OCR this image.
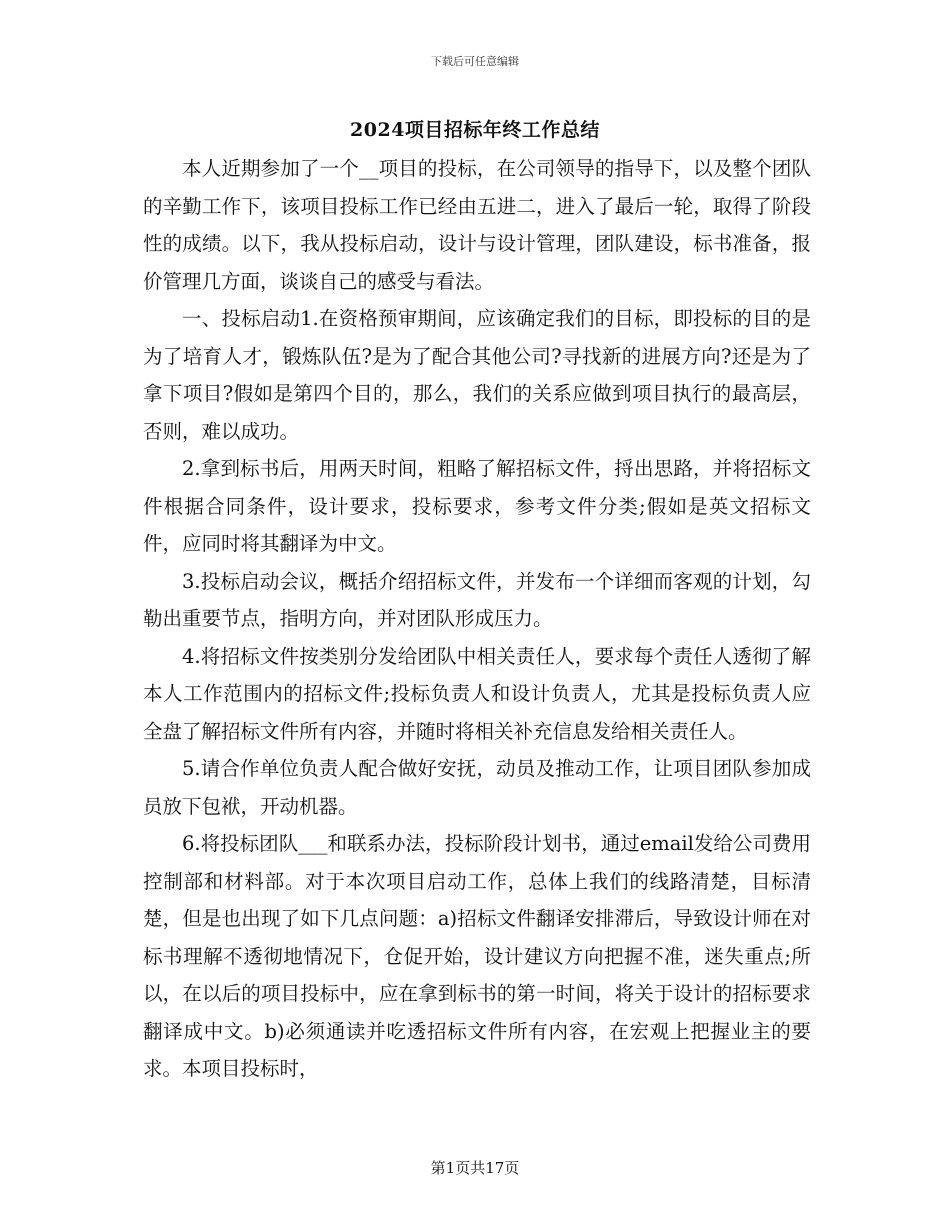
下载后可任意编辑
2024项目招标年终工作总结

本人近期参加了一个__项目的投标，在公司领导的指导下，以及整个团队的辛勤工作下，该项目投标工作已经由五进二，进入了最后一轮，取得了阶段性的成绩。以下，我从投标启动，设计与设计管理，团队建设，标书准备，报价管理几方面，谈谈自己的感受与看法。

一、投标启动1.在资格预审期间，应该确定我们的目标，即投标的目的是为了培育人才，锻炼队伍?是为了配合其他公司?寻找新的进展方向?还是为了拿下项目?假如是第四个目的，那么，我们的关系应做到项目执行的最高层，否则，难以成功。

2.拿到标书后，用两天时间，粗略了解招标文件，捋出思路，并将招标文件根据合同条件，设计要求，投标要求，参考文件分类;假如是英文招标文件，应同时将其翻译为中文。

3.投标启动会议，概括介绍招标文件，并发布一个详细而客观的计划，勾勒出重要节点，指明方向，并对团队形成压力。

4.将招标文件按类别分发给团队中相关责任人，要求每个责任人透彻了解本人工作范围内的招标文件;投标负责人和设计负责人，尤其是投标负责人应全盘了解招标文件所有内容，并随时将相关补充信息发给相关责任人。

5.请合作单位负责人配合做好安抚，动员及推动工作，让项目团队参加成员放下包袱，开动机器。

6.将投标团队___和联系办法，投标阶段计划书，通过email发给公司费用控制部和材料部。对于本次项目启动工作，总体上我们的线路清楚，目标清楚，但是也出现了如下几点问题：a)招标文件翻译安排滞后，导致设计师在对标书理解不透彻地情况下，仓促开始，设计建议方向把握不准，迷失重点;所以，在以后的项目投标中，应在拿到标书的第一时间，将关于设计的招标要求翻译成中文。b)必须通读并吃透招标文件所有内容，在宏观上把握业主的要求。本项目投标时，

第1页共17页
